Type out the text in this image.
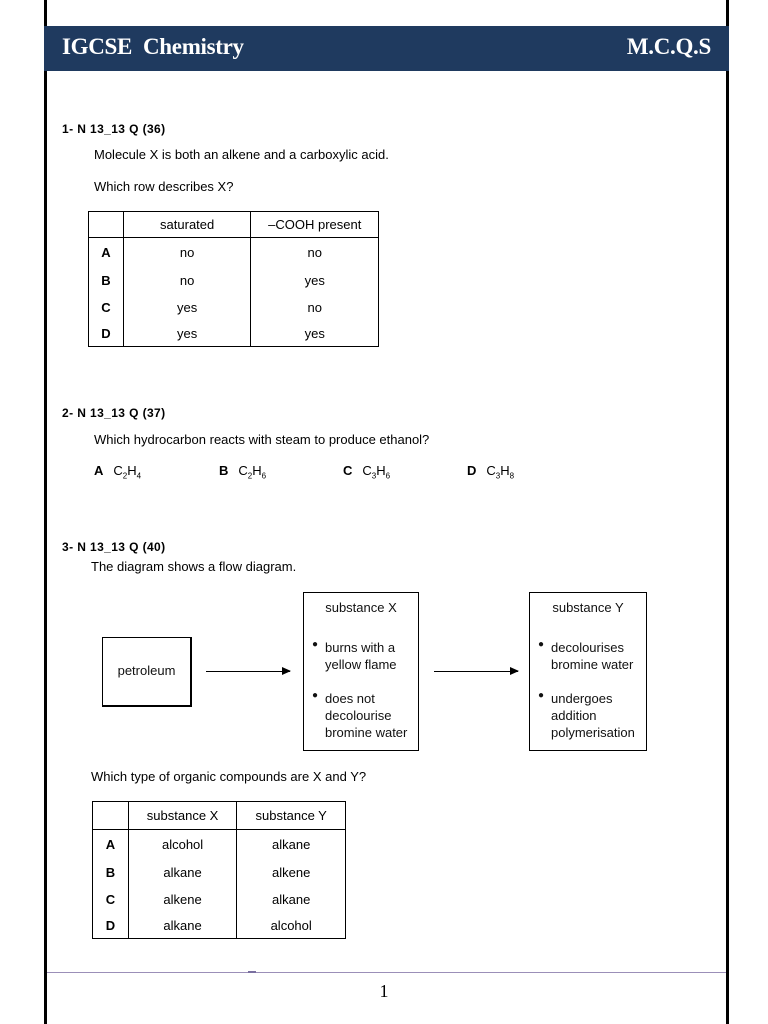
IGCSE  Chemistry	M.C.Q.S
1- N 13_13 Q (36)
Molecule X is both an alkene and a carboxylic acid.
Which row describes X?
	saturated	–COOH present
A	no	no
B	no	yes
C	yes	no
D	yes	yes
2- N 13_13 Q (37)
Which hydrocarbon reacts with steam to produce ethanol?
A $C_2H_4$	B $C_2H_6$	C $C_3H_6$	D $C_3H_8$
3- N 13_13 Q (40)
The diagram shows a flow diagram.
petroleum
substance X
● burns with a
yellow flame
● does not
decolourise
bromine water
substance Y
● decolourises
bromine water
● undergoes
addition
polymerisation
Which type of organic compounds are X and Y?
	substance X	substance Y
A	alcohol	alkane
B	alkane	alkene
C	alkene	alkane
D	alkane	alcohol
1
